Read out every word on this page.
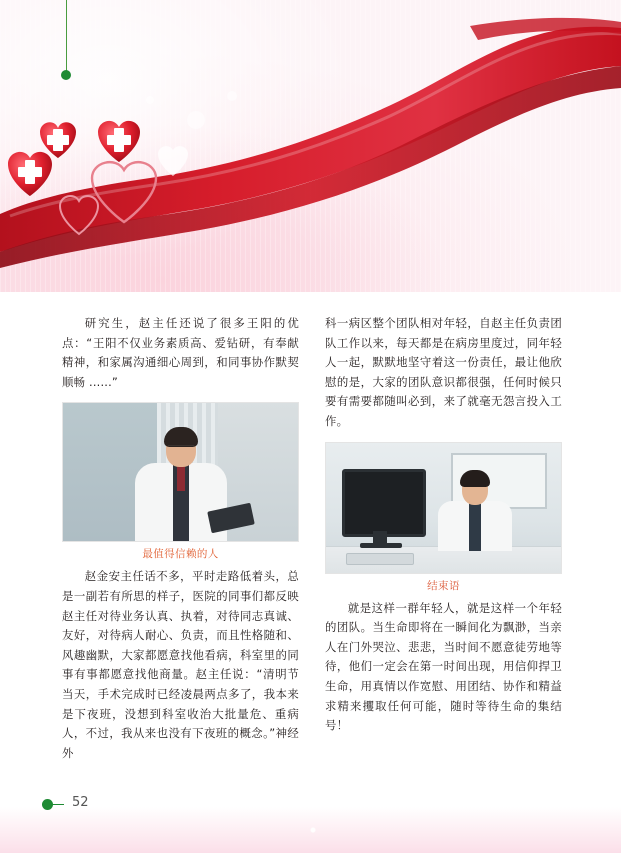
研究生，赵主任还说了很多王阳的优点：“王阳不仅业务素质高、爱钻研，有奉献精神，和家属沟通细心周到，和同事协作默契顺畅 ......”

最值得信赖的人

赵金安主任话不多，平时走路低着头，总是一副若有所思的样子，医院的同事们都反映赵主任对待业务认真、执着，对待同志真诚、友好，对待病人耐心、负责，而且性格随和、风趣幽默，大家都愿意找他看病，科室里的同事有事都愿意找他商量。赵主任说：“清明节当天，手术完成时已经凌晨两点多了，我本来是下夜班，没想到科室收治大批量危、重病人，不过，我从来也没有下夜班的概念。”神经外

科一病区整个团队相对年轻，自赵主任负责团队工作以来，每天都是在病房里度过，同年轻人一起，默默地坚守着这一份责任，最让他欣慰的是，大家的团队意识都很强，任何时候只要有需要都随叫必到，来了就毫无怨言投入工作。

结束语

就是这样一群年轻人，就是这样一个年轻的团队。当生命即将在一瞬间化为飘渺，当亲人在门外哭泣、悲悲，当时间不愿意徒劳地等待，他们一定会在第一时间出现，用信仰捍卫生命，用真情以作宽慰、用团结、协作和精益求精来攫取任何可能，随时等待生命的集结号！

52
